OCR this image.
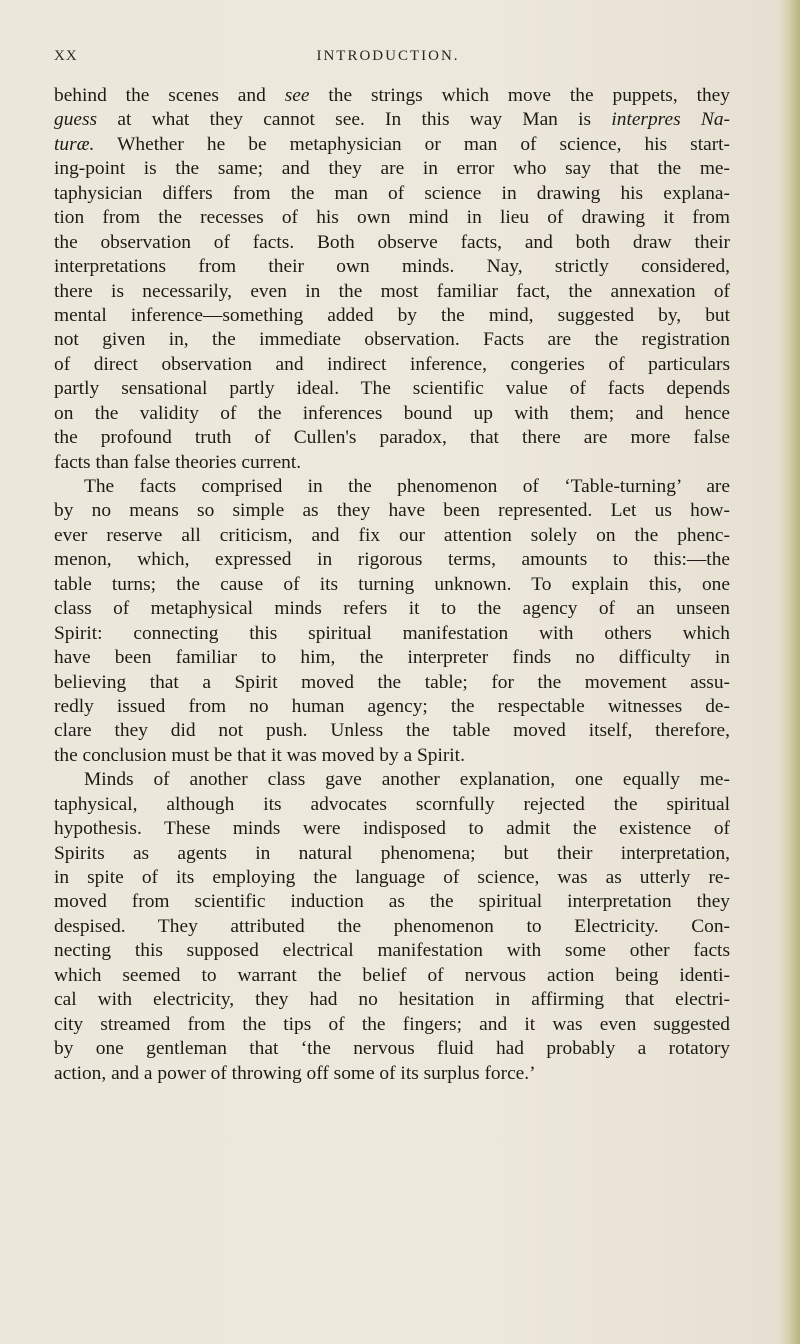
XX	INTRODUCTION.
behind the scenes and see the strings which move the puppets, they
guess at what they cannot see. In this way Man is interpres Na-
turæ. Whether he be metaphysician or man of science, his start-
ing-point is the same; and they are in error who say that the me-
taphysician differs from the man of science in drawing his explana-
tion from the recesses of his own mind in lieu of drawing it from
the observation of facts. Both observe facts, and both draw their
interpretations from their own minds. Nay, strictly considered,
there is necessarily, even in the most familiar fact, the annexation of
mental inference—something added by the mind, suggested by, but
not given in, the immediate observation. Facts are the registration
of direct observation and indirect inference, congeries of particulars
partly sensational partly ideal. The scientific value of facts depends
on the validity of the inferences bound up with them; and hence
the profound truth of Cullen's paradox, that there are more false
facts than false theories current.
The facts comprised in the phenomenon of ‘Table-turning’ are
by no means so simple as they have been represented. Let us how-
ever reserve all criticism, and fix our attention solely on the phenc-
menon, which, expressed in rigorous terms, amounts to this:—the
table turns; the cause of its turning unknown. To explain this, one
class of metaphysical minds refers it to the agency of an unseen
Spirit: connecting this spiritual manifestation with others which
have been familiar to him, the interpreter finds no difficulty in
believing that a Spirit moved the table; for the movement assu-
redly issued from no human agency; the respectable witnesses de-
clare they did not push. Unless the table moved itself, therefore,
the conclusion must be that it was moved by a Spirit.
Minds of another class gave another explanation, one equally me-
taphysical, although its advocates scornfully rejected the spiritual
hypothesis. These minds were indisposed to admit the existence of
Spirits as agents in natural phenomena; but their interpretation,
in spite of its employing the language of science, was as utterly re-
moved from scientific induction as the spiritual interpretation they
despised. They attributed the phenomenon to Electricity. Con-
necting this supposed electrical manifestation with some other facts
which seemed to warrant the belief of nervous action being identi-
cal with electricity, they had no hesitation in affirming that electri-
city streamed from the tips of the fingers; and it was even suggested
by one gentleman that ‘the nervous fluid had probably a rotatory
action, and a power of throwing off some of its surplus force.’
